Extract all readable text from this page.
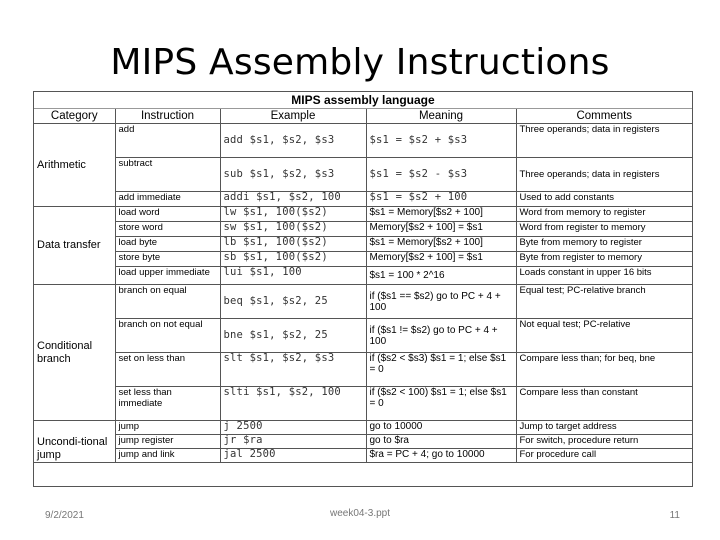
MIPS Assembly Instructions
MIPS assembly language
Category	Instruction	Example	Meaning	Comments
Arithmetic	add	add $s1, $s2, $s3	$s1 = $s2 + $s3	Three operands; data in registers
	subtract	sub $s1, $s2, $s3	$s1 = $s2 - $s3	Three operands; data in registers
	add immediate	addi $s1, $s2, 100	$s1 = $s2 + 100	Used to add constants
Data transfer	load word	lw $s1, 100($s2)	$s1 = Memory[$s2 + 100]	Word from memory to register
	store word	sw $s1, 100($s2)	Memory[$s2 + 100] = $s1	Word from register to memory
	load byte	lb $s1, 100($s2)	$s1 = Memory[$s2 + 100]	Byte from memory to register
	store byte	sb $s1, 100($s2)	Memory[$s2 + 100] = $s1	Byte from register to memory
	load upper immediate	lui $s1, 100	$s1 = 100 * 2^16	Loads constant in upper 16 bits
Conditional branch	branch on equal	beq $s1, $s2, 25	if ($s1 == $s2) go to PC + 4 + 100	Equal test; PC-relative branch
	branch on not equal	bne $s1, $s2, 25	if ($s1 != $s2) go to PC + 4 + 100	Not equal test; PC-relative
	set on less than	slt $s1, $s2, $s3	if ($s2 < $s3) $s1 = 1; else $s1 = 0	Compare less than; for beq, bne
	set less than immediate	slti $s1, $s2, 100	if ($s2 < 100) $s1 = 1; else $s1 = 0	Compare less than constant
Uncondi-tional jump	jump	j 2500	go to 10000	Jump to target address
	jump register	jr $ra	go to $ra	For switch, procedure return
	jump and link	jal 2500	$ra = PC + 4; go to 10000	For procedure call
9/2/2021	week04-3.ppt	11
